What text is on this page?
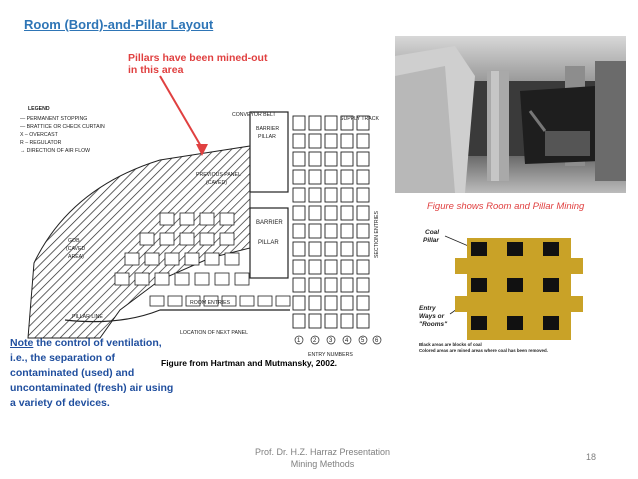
Room (Bord)-and-Pillar Layout
Pillars have been mined-out
in this area
LEGEND
— PERMANENT STOPPING
— BRATTICE OR CHECK CURTAIN
X – OVERCAST
R – REGULATOR
→ DIRECTION OF AIR FLOW
CONVEYOR BELT
SUPPLY TRACK
BARRIER
PILLAR
PREVIOUS PANEL
(CAVED)
GOB
(CAVED
AREA)
BARRIER
PILLAR
ROOM ENTRIES
PILLAR LINE
LOCATION OF NEXT PANEL
ENTRY NUMBERS
SECTION ENTRIES
1 2 3 4 5 6
Figure shows Room and Pillar Mining
Coal
Pillar
Entry
Ways or
"Rooms"
Black areas are blocks of coal
Colored areas are mined areas where coal has been removed.
Note the control of ventilation, i.e., the separation of contaminated (used) and uncontaminated (fresh) air using a variety of devices.
Figure from Hartman and Mutmansky, 2002.
Prof. Dr. H.Z. Harraz Presentation
Mining Methods
18
